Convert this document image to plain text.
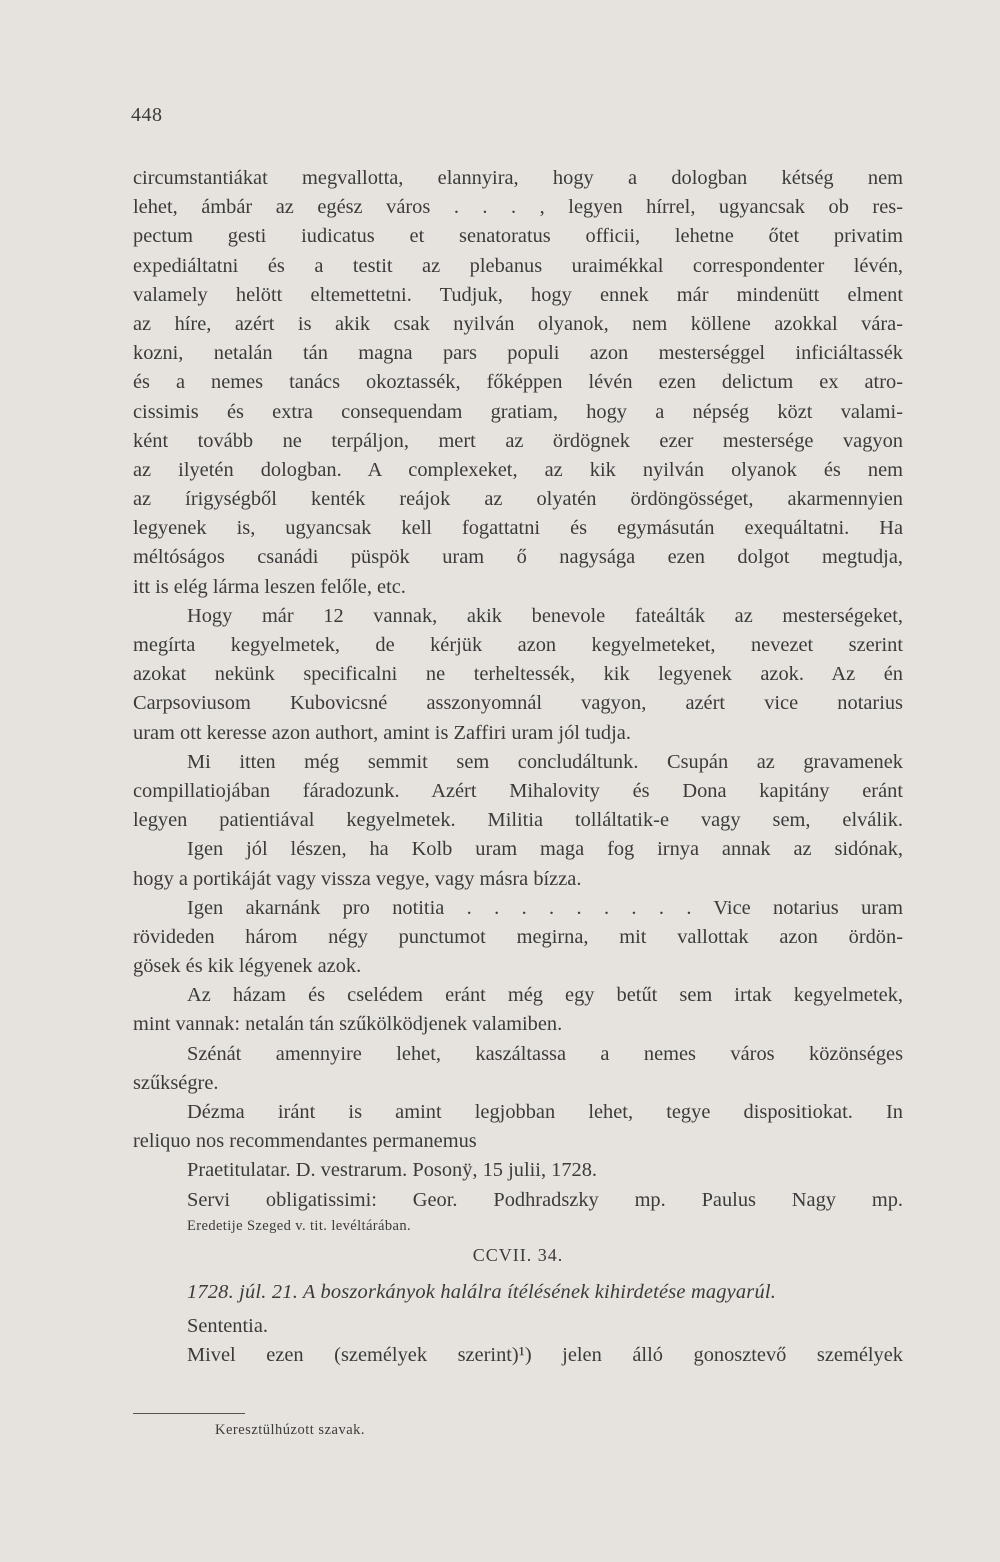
448
circumstantiákat megvallotta, elannyira, hogy a dologban kétség nem
lehet, ámbár az egész város . . . , legyen hírrel, ugyancsak ob res-
pectum gesti iudicatus et senatoratus officii, lehetne őtet privatim
expediáltatni és a testit az plebanus uraimékkal correspondenter lévén,
valamely helött eltemettetni. Tudjuk, hogy ennek már mindenütt elment
az híre, azért is akik csak nyilván olyanok, nem köllene azokkal vára-
kozni, netalán tán magna pars populi azon mesterséggel inficiáltassék
és a nemes tanács okoztassék, főképpen lévén ezen delictum ex atro-
cissimis és extra consequendam gratiam, hogy a népség közt valami-
ként tovább ne terpáljon, mert az ördögnek ezer mestersége vagyon
az ilyetén dologban. A complexeket, az kik nyilván olyanok és nem
az írigységből kenték reájok az olyatén ördöngösséget, akarmennyien
legyenek is, ugyancsak kell fogattatni és egymásután exequáltatni. Ha
méltóságos csanádi püspök uram ő nagysága ezen dolgot megtudja,
itt is elég lárma leszen felőle, etc.
Hogy már 12 vannak, akik benevole fateálták az mesterségeket,
megírta kegyelmetek, de kérjük azon kegyelmeteket, nevezet szerint
azokat nekünk specificalni ne terheltessék, kik legyenek azok. Az én
Carpsoviusom Kubovicsné asszonyomnál vagyon, azért vice notarius
uram ott keresse azon authort, amint is Zaffiri uram jól tudja.
Mi itten még semmit sem concludáltunk. Csupán az gravamenek
compillatiojában fáradozunk. Azért Mihalovity és Dona kapitány eránt
legyen patientiával kegyelmetek. Militia tolláltatik-e vagy sem, elválik.
Igen jól lészen, ha Kolb uram maga fog irnya annak az sidónak,
hogy a portikáját vagy vissza vegye, vagy másra bízza.
Igen akarnánk pro notitia . . . . . . . . . Vice notarius uram
rövideden három négy punctumot megirna, mit vallottak azon ördön-
gösek és kik légyenek azok.
Az házam és cselédem eránt még egy betűt sem irtak kegyelmetek,
mint vannak: netalán tán szűkölködjenek valamiben.
Szénát amennyire lehet, kaszáltassa a nemes város közönséges
szűkségre.
Dézma iránt is amint legjobban lehet, tegye dispositiokat. In
reliquo nos recommendantes permanemus
Praetitulatar. D. vestrarum. Posonÿ, 15 julii, 1728.
Servi obligatissimi: Geor. Podhradszky mp. Paulus Nagy mp.
Eredetije Szeged v. tit. levéltárában.
CCVII. 34.
1728. júl. 21. A boszorkányok halálra ítélésének kihirdetése magyarúl.
Sententia.
Mivel ezen (személyek szerint)¹) jelen álló gonosztevő személyek
Keresztülhúzott szavak.
